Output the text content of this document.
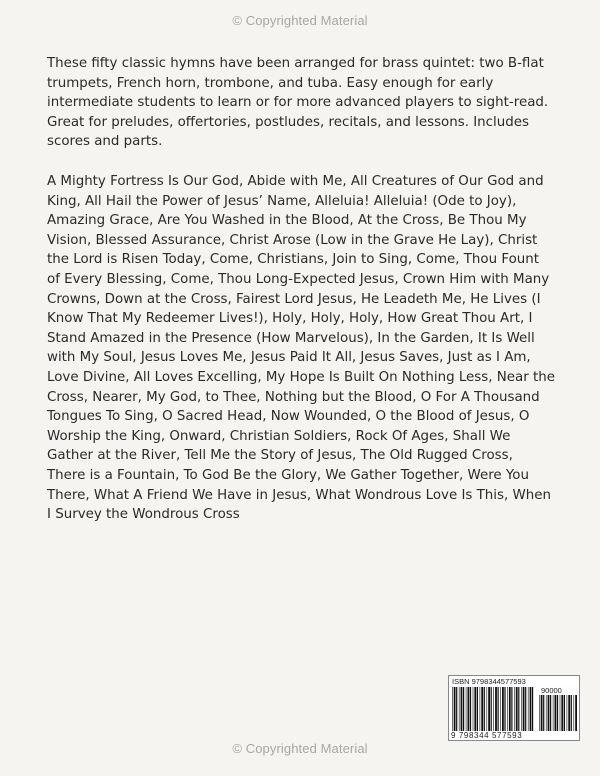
© Copyrighted Material

These fifty classic hymns have been arranged for brass quintet: two B-flat trumpets, French horn, trombone, and tuba. Easy enough for early intermediate students to learn or for more advanced players to sight-read. Great for preludes, offertories, postludes, recitals, and lessons. Includes scores and parts.

A Mighty Fortress Is Our God, Abide with Me, All Creatures of Our God and King, All Hail the Power of Jesus’ Name, Alleluia! Alleluia! (Ode to Joy), Amazing Grace, Are You Washed in the Blood, At the Cross, Be Thou My Vision, Blessed Assurance, Christ Arose (Low in the Grave He Lay), Christ the Lord is Risen Today, Come, Christians, Join to Sing, Come, Thou Fount of Every Blessing, Come, Thou Long-Expected Jesus, Crown Him with Many Crowns, Down at the Cross, Fairest Lord Jesus, He Leadeth Me, He Lives (I Know That My Redeemer Lives!), Holy, Holy, Holy, How Great Thou Art, I Stand Amazed in the Presence (How Marvelous), In the Garden, It Is Well with My Soul, Jesus Loves Me, Jesus Paid It All, Jesus Saves, Just as I Am, Love Divine, All Loves Excelling, My Hope Is Built On Nothing Less, Near the Cross, Nearer, My God, to Thee, Nothing but the Blood, O For A Thousand Tongues To Sing, O Sacred Head, Now Wounded, O the Blood of Jesus, O Worship the King, Onward, Christian Soldiers, Rock Of Ages, Shall We Gather at the River, Tell Me the Story of Jesus, The Old Rugged Cross, There is a Fountain, To God Be the Glory, We Gather Together, Were You There, What A Friend We Have in Jesus, What Wondrous Love Is This, When I Survey the Wondrous Cross

ISBN 9798344577593
90000
9 798344 577593
© Copyrighted Material
